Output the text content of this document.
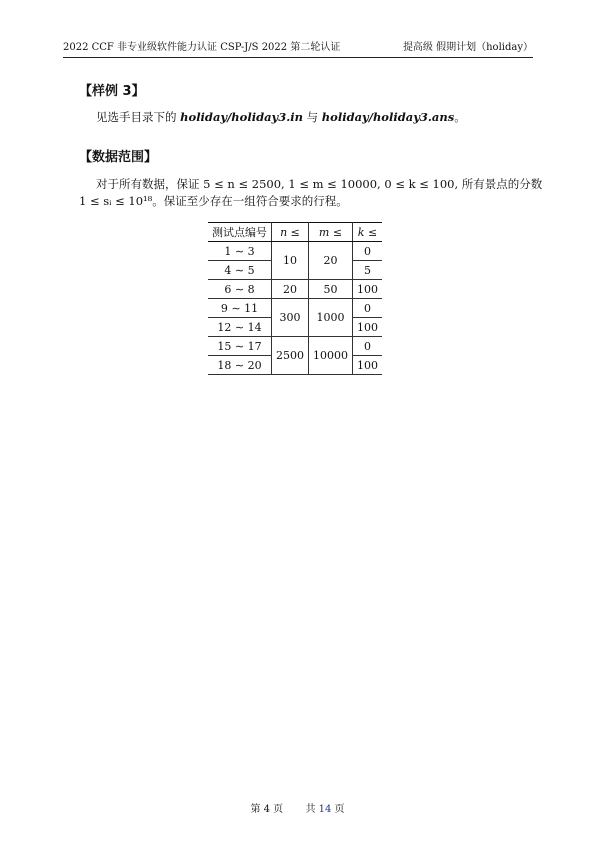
2022 CCF 非专业级软件能力认证 CSP-J/S 2022 第二轮认证	提高级 假期计划（holiday）
【样例 3】
见选手目录下的 holiday/holiday3.in 与 holiday/holiday3.ans。
【数据范围】
对于所有数据，保证 5 ≤ n ≤ 2500, 1 ≤ m ≤ 10000, 0 ≤ k ≤ 100, 所有景点的分数
1 ≤ sᵢ ≤ 10¹⁸。保证至少存在一组符合要求的行程。
测试点编号	n ≤	m ≤	k ≤
1 ∼ 3	10	20	0
4 ∼ 5			5
6 ∼ 8	20	50	100
9 ∼ 11	300	1000	0
12 ∼ 14			100
15 ∼ 17	2500	10000	0
18 ∼ 20			100
第 4 页 共 14 页
